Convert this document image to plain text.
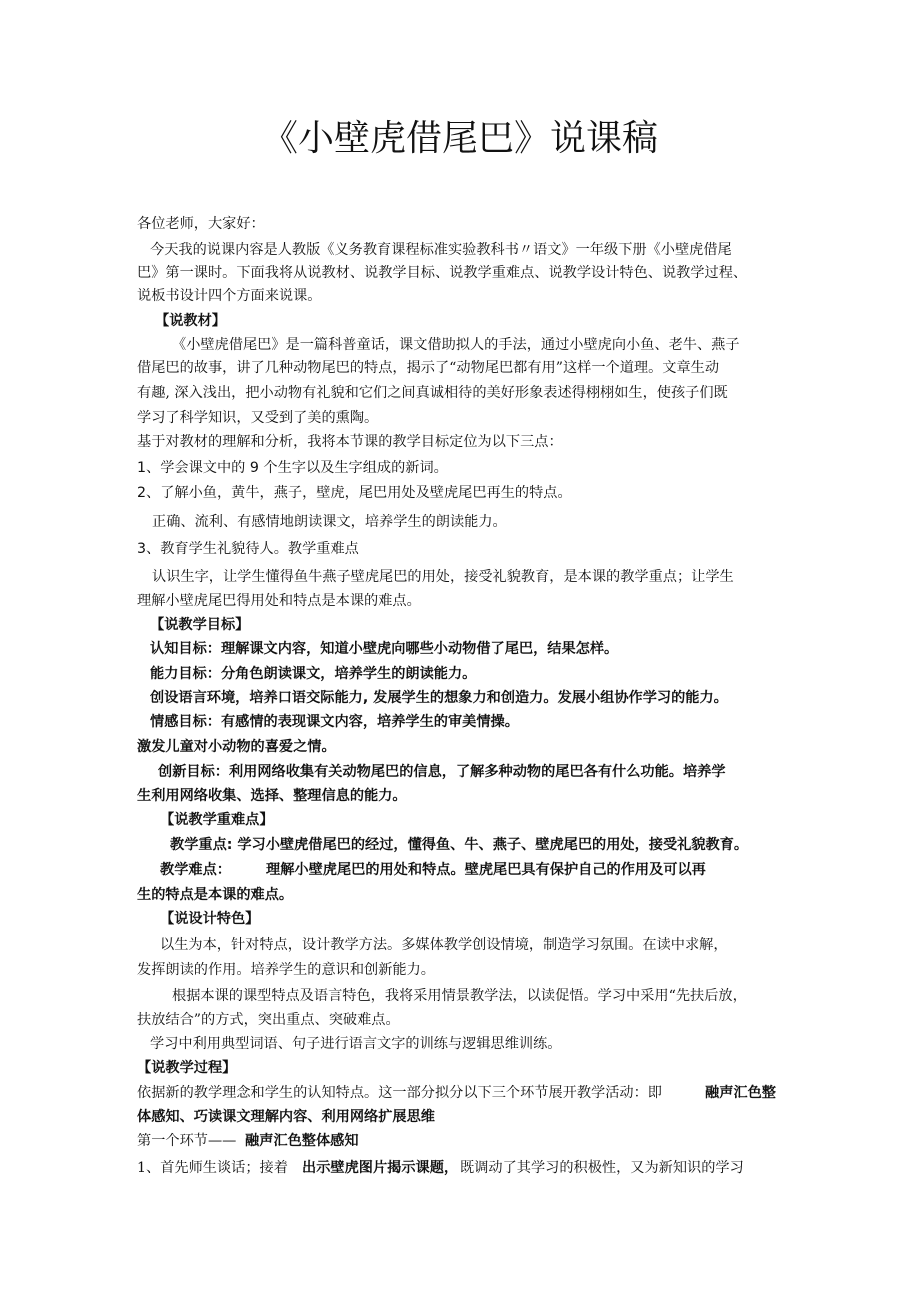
《小壁虎借尾巴》说课稿
各位老师，大家好：
今天我的说课内容是人教版《义务教育课程标准实验教科书〃语文》一年级下册《小壁虎借尾
巴》第一课时。下面我将从说教材、说教学目标、说教学重难点、说教学设计特色、说教学过程、
说板书设计四个方面来说课。
【说教材】
《小壁虎借尾巴》是一篇科普童话，课文借助拟人的手法，通过小壁虎向小鱼、老牛、燕子
借尾巴的故事，讲了几种动物尾巴的特点，揭示了“动物尾巴都有用”这样一个道理。文章生动
有趣, 深入浅出，把小动物有礼貌和它们之间真诚相待的美好形象表述得栩栩如生，使孩子们既
学习了科学知识，又受到了美的熏陶。
基于对教材的理解和分析，我将本节课的教学目标定位为以下三点：
1、学会课文中的 9 个生字以及生字组成的新词。
2、了解小鱼，黄牛，燕子，壁虎，尾巴用处及壁虎尾巴再生的特点。
正确、流利、有感情地朗读课文，培养学生的朗读能力。
3、教育学生礼貌待人。教学重难点
认识生字，让学生懂得鱼牛燕子壁虎尾巴的用处，接受礼貌教育，是本课的教学重点；让学生
理解小壁虎尾巴得用处和特点是本课的难点。
【说教学目标】
认知目标：理解课文内容，知道小壁虎向哪些小动物借了尾巴，结果怎样。
能力目标：分角色朗读课文，培养学生的朗读能力。
创设语言环境，培养口语交际能力, 发展学生的想象力和创造力。发展小组协作学习的能力。
情感目标：有感情的表现课文内容，培养学生的审美情操。
激发儿童对小动物的喜爱之情。
创新目标：利用网络收集有关动物尾巴的信息，了解多种动物的尾巴各有什么功能。培养学
生利用网络收集、选择、整理信息的能力。
【说教学重难点】
教学重点: 学习小壁虎借尾巴的经过，懂得鱼、牛、燕子、壁虎尾巴的用处，接受礼貌教育。
教学难点：	理解小壁虎尾巴的用处和特点。壁虎尾巴具有保护自己的作用及可以再
生的特点是本课的难点。
【说设计特色】
以生为本，针对特点，设计教学方法。多媒体教学创设情境，制造学习氛围。在读中求解，
发挥朗读的作用。培养学生的意识和创新能力。
根据本课的课型特点及语言特色，我将采用情景教学法，以读促悟。学习中采用“先扶后放，
扶放结合”的方式，突出重点、突破难点。
学习中利用典型词语、句子进行语言文字的训练与逻辑思维训练。
【说教学过程】
依据新的教学理念和学生的认知特点。这一部分拟分以下三个环节展开教学活动：即	融声汇色整
体感知、巧读课文理解内容、利用网络扩展思维
第一个环节—— 融声汇色整体感知
1、首先师生谈话；接着 出示壁虎图片揭示课题， 既调动了其学习的积极性，又为新知识的学习
